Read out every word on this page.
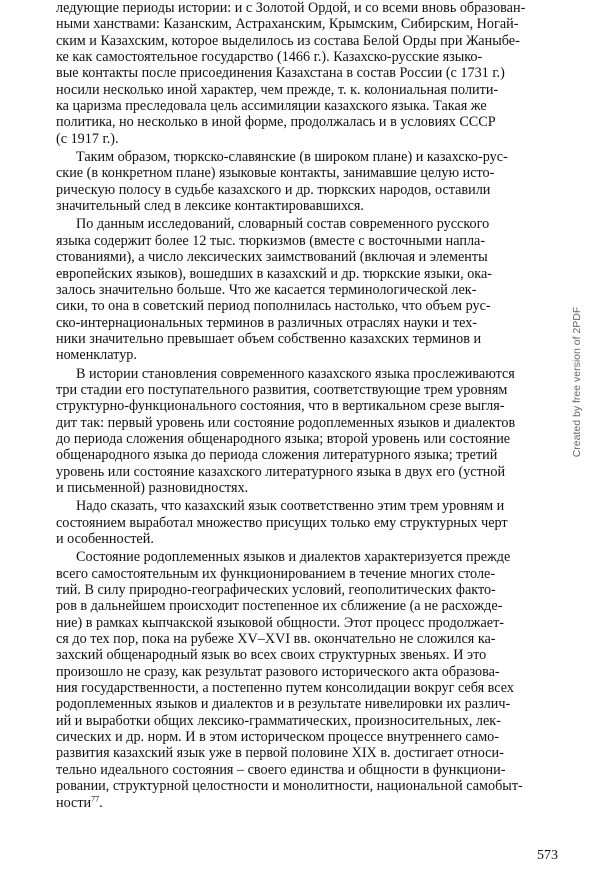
ледующие периоды истории: и с Золотой Ордой, и со всеми вновь образован-
ными ханствами: Казанским, Астраханским, Крымским, Сибирским, Ногай-
ским и Казахским, которое выделилось из состава Белой Орды при Жаныбе-
ке как самостоятельное государство (1466 г.). Казахско-русские языко-
вые контакты после присоединения Казахстана в состав России (с 1731 г.)
носили несколько иной характер, чем прежде, т. к. колониальная полити-
ка царизма преследовала цель ассимиляции казахского языка. Такая же
политика, но несколько в иной форме, продолжалась и в условиях СССР
(с 1917 г.).
Таким образом, тюркско-славянские (в широком плане) и казахско-рус-
ские (в конкретном плане) языковые контакты, занимавшие целую исто-
рическую полосу в судьбе казахского и др. тюркских народов, оставили
значительный след в лексике контактировавшихся.
По данным исследований, словарный состав современного русского
языка содержит более 12 тыс. тюркизмов (вместе с восточными напла-
стованиями), а число лексических заимствований (включая и элементы
европейских языков), вошедших в казахский и др. тюркские языки, ока-
залось значительно больше. Что же касается терминологической лек-
сики, то она в советский период пополнилась настолько, что объем рус-
ско-интернациональных терминов в различных отраслях науки и тех-
ники значительно превышает объем собственно казахских терминов и
номенклатур.
В истории становления современного казахского языка прослеживаются
три стадии его поступательного развития, соответствующие трем уровням
структурно-функционального состояния, что в вертикальном срезе выгля-
дит так: первый уровень или состояние родоплеменных языков и диалектов
до периода сложения общенародного языка; второй уровень или состояние
общенародного языка до периода сложения литературного языка; третий
уровень или состояние казахского литературного языка в двух его (устной
и письменной) разновидностях.
Надо сказать, что казахский язык соответственно этим трем уровням и
состоянием выработал множество присущих только ему структурных черт
и особенностей.
Состояние родоплеменных языков и диалектов характеризуется прежде
всего самостоятельным их функционированием в течение многих столе-
тий. В силу природно-географических условий, геополитических факто-
ров в дальнейшем происходит постепенное их сближение (а не расхожде-
ние) в рамках кыпчакской языковой общности. Этот процесс продолжает-
ся до тех пор, пока на рубеже XV–XVI вв. окончательно не сложился ка-
захский общенародный язык во всех своих структурных звеньях. И это
произошло не сразу, как результат разового исторического акта образова-
ния государственности, а постепенно путем консолидации вокруг себя всех
родоплеменных языков и диалектов и в результате нивелировки их различ-
ий и выработки общих лексико-грамматических, произносительных, лек-
сических и др. норм. И в этом историческом процессе внутреннего само-
развития казахский язык уже в первой половине XIX в. достигает относи-
тельно идеального состояния – своего единства и общности в функциони-
ровании, структурной целостности и монолитности, национальной самобыт-
ности$^{77}$.
Created by free version of 2PDF
573
